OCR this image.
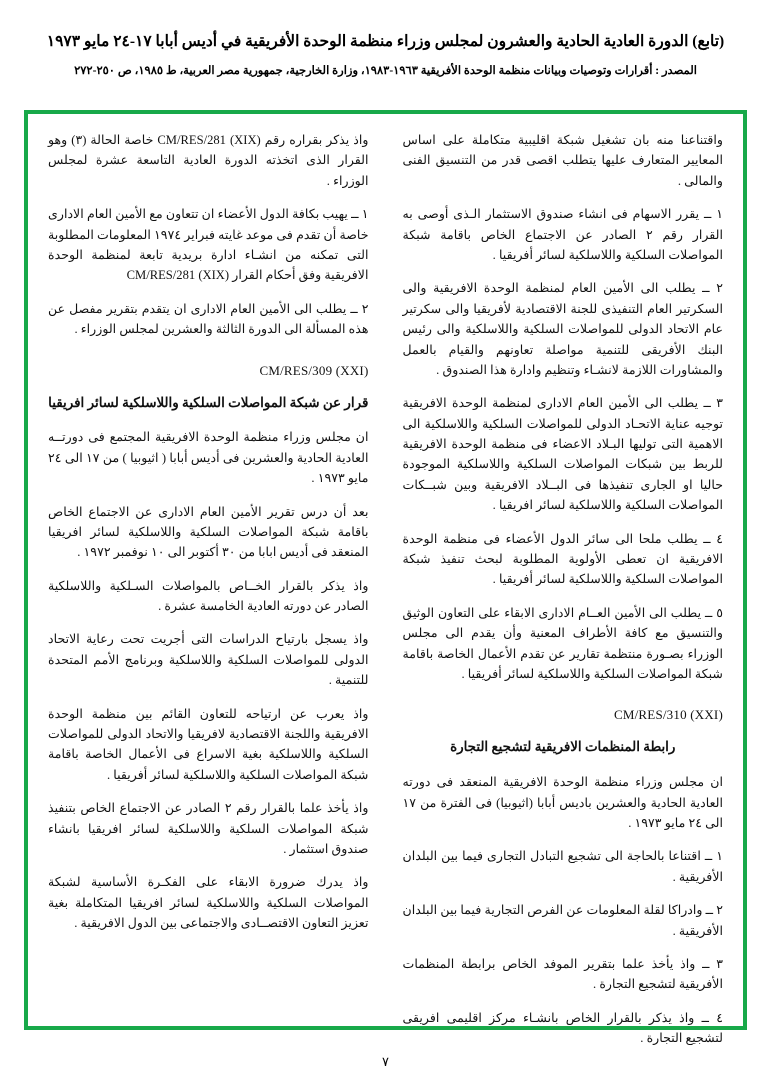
(تابع) الدورة العادية الحادية والعشرون لمجلس وزراء منظمة الوحدة الأفريقية في أديس أبابا ١٧-٢٤ مايو ١٩٧٣
المصدر : أقرارات وتوصيات وبيانات منظمة الوحدة الأفريقية ١٩٦٣-١٩٨٣، وزارة الخارجية، جمهورية مصر العربية، ط ١٩٨٥، ص ٢٥٠-٢٧٢

واقتناعنا منه بان تشغيل شبكة اقليبية متكاملة على اساس المعايير المتعارف عليها يتطلب اقصى قدر من التنسيق الفنى والمالى .

١ ــ يقرر الاسهام فى انشاء صندوق الاستثمار الـذى أوصى به القرار رقم ٢ الصادر عن الاجتماع الخاص باقامة شبكة المواصلات السلكية واللاسلكية لسائر أفريقيا .

٢ ــ يطلب الى الأمين العام لمنظمة الوحدة الافريقية والى السكرتير العام التنفيذى للجنة الاقتصادية لأفريقيا والى سكرتير عام الاتحاد الدولى للمواصلات السلكية واللاسلكية والى رئيس البنك الأفريقى للتنمية مواصلة تعاونهم والقيام بالعمل والمشاورات اللازمة لانشـاء وتنظيم وادارة هذا الصندوق .

٣ ــ يطلب الى الأمين العام الادارى لمنظمة الوحدة الافريقية توجيه عناية الاتحـاد الدولى للمواصلات السلكية واللاسلكية الى الاهمية التى توليها البـلاد الاعضاء فى منظمة الوحدة الافريقية للربط بين شبكات المواصلات السلكية واللاسلكية الموجودة حاليا او الجارى تنفيذها فى البــلاد الافريقية وبين شبــكات المواصلات السلكية واللاسلكية لسائر افريقيا .

٤ ــ يطلب ملحا الى سائر الدول الأعضاء فى منظمة الوحدة الافريقية ان تعطى الأولوية المطلوبة لبحث تنفيذ شبكة المواصلات السلكية واللاسلكية لسائر أفريقيا .

٥ ــ يطلب الى الأمين العــام الادارى الابقاء على التعاون الوثيق والتنسيق مع كافة الأطراف المعنية وأن يقدم الى مجلس الوزراء بصـورة منتظمة تقارير عن تقدم الأعمال الخاصة باقامة شبكة المواصلات السلكية واللاسلكية لسائر أفريقيا .

CM/RES/310 (XXI)
رابطة المنظمات الافريقية لتشجيع التجارة

ان مجلس وزراء منظمة الوحدة الافريقية المنعقد فى دورته العادية الحادية والعشرين باديس أبابا (اثيوبيا) فى الفترة من ١٧ الى ٢٤ مايو ١٩٧٣ .

١ ــ اقتناعا بالحاجة الى تشجيع التبادل التجارى فيما بين البلدان الأفريقية .

٢ ــ وادراكا لقلة المعلومات عن الفرص التجارية فيما بين البلدان الأفريقية .

٣ ــ واذ يأخذ علما بتقرير الموفد الخاص برابطة المنظمات الأفريقية لتشجيع التجارة .

٤ ــ واذ يذكر بالقرار الخاص بانشـاء مركز اقليمى افريقى لتشجيع التجارة .

واذ يذكر بقراره رقم (CM/RES/281 (XIX خاصة الحالة (٣) وهو القرار الذى اتخذته الدورة العادية التاسعة عشرة لمجلس الوزراء .

١ ــ يهيب بكافة الدول الأعضاء ان تتعاون مع الأمين العام الادارى خاصة أن تقدم فى موعد غايته فبراير ١٩٧٤ المعلومات المطلوبة التى تمكنه من انشـاء ادارة بريدية تابعة لمنظمة الوحدة الافريقية وفق أحكام القرار (CM/RES/281 (XIX

٢ ــ يطلب الى الأمين العام الادارى ان يتقدم بتقرير مفصل عن هذه المسألة الى الدورة الثالثة والعشرين لمجلس الوزراء .

CM/RES/309 (XXI)
قرار عن شبكة المواصلات السلكية واللاسلكية لسائر افريقيا

ان مجلس وزراء منظمة الوحدة الافريقية المجتمع فى دورتــه العادية الحادية والعشرين فى أديس أبابا ( اثيوبيا ) من ١٧ الى ٢٤ مايو ١٩٧٣ .

بعد أن درس تقرير الأمين العام الادارى عن الاجتماع الخاص باقامة شبكة المواصلات السلكية واللاسلكية لسائر افريقيا المنعقد فى أديس ابابا من ٣٠ أكتوبر الى ١٠ نوفمبر ١٩٧٢ .

واذ يذكر بالقرار الخــاص بالمواصلات السـلكية واللاسلكية الصادر عن دورته العادية الخامسة عشرة .

واذ يسجل بارتياح الدراسات التى أجريت تحت رعاية الاتحاد الدولى للمواصلات السلكية واللاسلكية وبرنامج الأمم المتحدة للتنمية .

واذ يعرب عن ارتياحه للتعاون القائم بين منظمة الوحدة الافريقية واللجنة الاقتصادية لافريقيا والاتحاد الدولى للمواصلات السلكية واللاسلكية بغية الاسراع فى الأعمال الخاصة باقامة شبكة المواصلات السلكية واللاسلكية لسائر أفريقيا .

واذ يأخذ علما بالقرار رقم ٢ الصادر عن الاجتماع الخاص بتنفيذ شبكة المواصلات السلكية واللاسلكية لسائر افريقيا بانشاء صندوق استثمار .

واذ يدرك ضرورة الابقاء على الفكـرة الأساسية لشبكة المواصلات السلكية واللاسلكية لسائر افريقيا المتكاملة بغية تعزيز التعاون الاقتصــادى والاجتماعى بين الدول الافريقية .

٧
